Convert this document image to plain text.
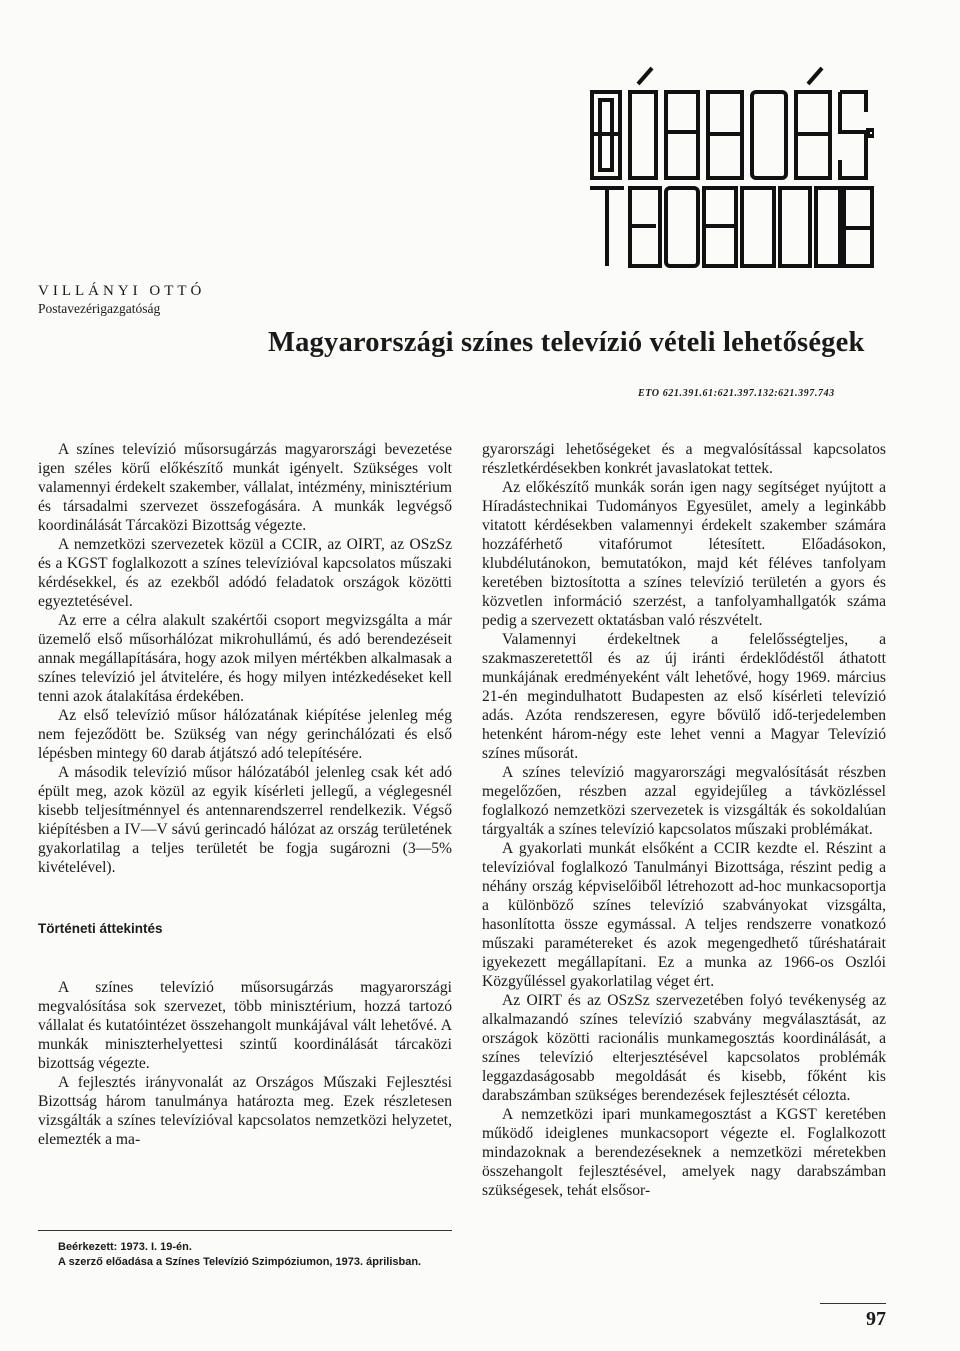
VILLÁNYI OTTÓ
Postavezérigazgatóság
Magyarországi színes televízió vételi lehetőségek
ETO 621.391.61:621.397.132:621.397.743

A színes televízió műsorsugárzás magyarországi bevezetése igen széles körű előkészítő munkát igényelt. Szükséges volt valamennyi érdekelt szakember, vállalat, intézmény, minisztérium és társadalmi szervezet összefogására. A munkák legvégső koordinálását Tárcaközi Bizottság végezte.

A nemzetközi szervezetek közül a CCIR, az OIRT, az OSzSz és a KGST foglalkozott a színes televízióval kapcsolatos műszaki kérdésekkel, és az ezekből adódó feladatok országok közötti egyeztetésével.

Az erre a célra alakult szakértői csoport megvizsgálta a már üzemelő első műsorhálózat mikrohullámú, és adó berendezéseit annak megállapítására, hogy azok milyen mértékben alkalmasak a színes televízió jel átvitelére, és hogy milyen intézkedéseket kell tenni azok átalakítása érdekében.

Az első televízió műsor hálózatának kiépítése jelenleg még nem fejeződött be. Szükség van négy gerinchálózati és első lépésben mintegy 60 darab átjátszó adó telepítésére.

A második televízió műsor hálózatából jelenleg csak két adó épült meg, azok közül az egyik kísérleti jellegű, a véglegesnél kisebb teljesítménnyel és antennarendszerrel rendelkezik. Végső kiépítésben a IV—V sávú gerincadó hálózat az ország területének gyakorlatilag a teljes területét be fogja sugározni (3—5% kivételével).

Történeti áttekintés

A színes televízió műsorsugárzás magyarországi megvalósítása sok szervezet, több minisztérium, hozzá tartozó vállalat és kutatóintézet összehangolt munkájával vált lehetővé. A munkák miniszterhelyettesi szintű koordinálását tárcaközi bizottság végezte.

A fejlesztés irányvonalát az Országos Műszaki Fejlesztési Bizottság három tanulmánya határozta meg. Ezek részletesen vizsgálták a színes televízióval kapcsolatos nemzetközi helyzetet, elemezték a ma-

gyarországi lehetőségeket és a megvalósítással kapcsolatos részletkérdésekben konkrét javaslatokat tettek.

Az előkészítő munkák során igen nagy segítséget nyújtott a Híradástechnikai Tudományos Egyesület, amely a leginkább vitatott kérdésekben valamennyi érdekelt szakember számára hozzáférhető vitafórumot létesített. Előadásokon, klubdélutánokon, bemutatókon, majd két féléves tanfolyam keretében biztosította a színes televízió területén a gyors és közvetlen információ szerzést, a tanfolyamhallgatók száma pedig a szervezett oktatásban való részvételt.

Valamennyi érdekeltnek a felelősségteljes, a szakmaszeretettől és az új iránti érdeklődéstől áthatott munkájának eredményeként vált lehetővé, hogy 1969. március 21-én megindulhatott Budapesten az első kísérleti televízió adás. Azóta rendszeresen, egyre bővülő idő-terjedelemben hetenként három-négy este lehet venni a Magyar Televízió színes műsorát.

A színes televízió magyarországi megvalósítását részben megelőzően, részben azzal egyidejűleg a távközléssel foglalkozó nemzetközi szervezetek is vizsgálták és sokoldalúan tárgyalták a színes televízió kapcsolatos műszaki problémákat.

A gyakorlati munkát elsőként a CCIR kezdte el. Részint a televízióval foglalkozó Tanulmányi Bizottsága, részint pedig a néhány ország képviselőiből létrehozott ad-hoc munkacsoportja a különböző színes televízió szabványokat vizsgálta, hasonlította össze egymással. A teljes rendszerre vonatkozó műszaki paramétereket és azok megengedhető tűréshatárait igyekezett megállapítani. Ez a munka az 1966-os Oszlói Közgyűléssel gyakorlatilag véget ért.

Az OIRT és az OSzSz szervezetében folyó tevékenység az alkalmazandó színes televízió szabvány megválasztását, az országok közötti racionális munkamegosztás koordinálását, a színes televízió elterjesztésével kapcsolatos problémák leggazdaságosabb megoldását és kisebb, főként kis darabszámban szükséges berendezések fejlesztését célozta.

A nemzetközi ipari munkamegosztást a KGST keretében működő ideiglenes munkacsoport végezte el. Foglalkozott mindazoknak a berendezéseknek a nemzetközi méretekben összehangolt fejlesztésével, amelyek nagy darabszámban szükségesek, tehát elsősor-

Beérkezett: 1973. I. 19-én.
A szerző előadása a Színes Televízió Szimpóziumon, 1973. áprilisban.
97
